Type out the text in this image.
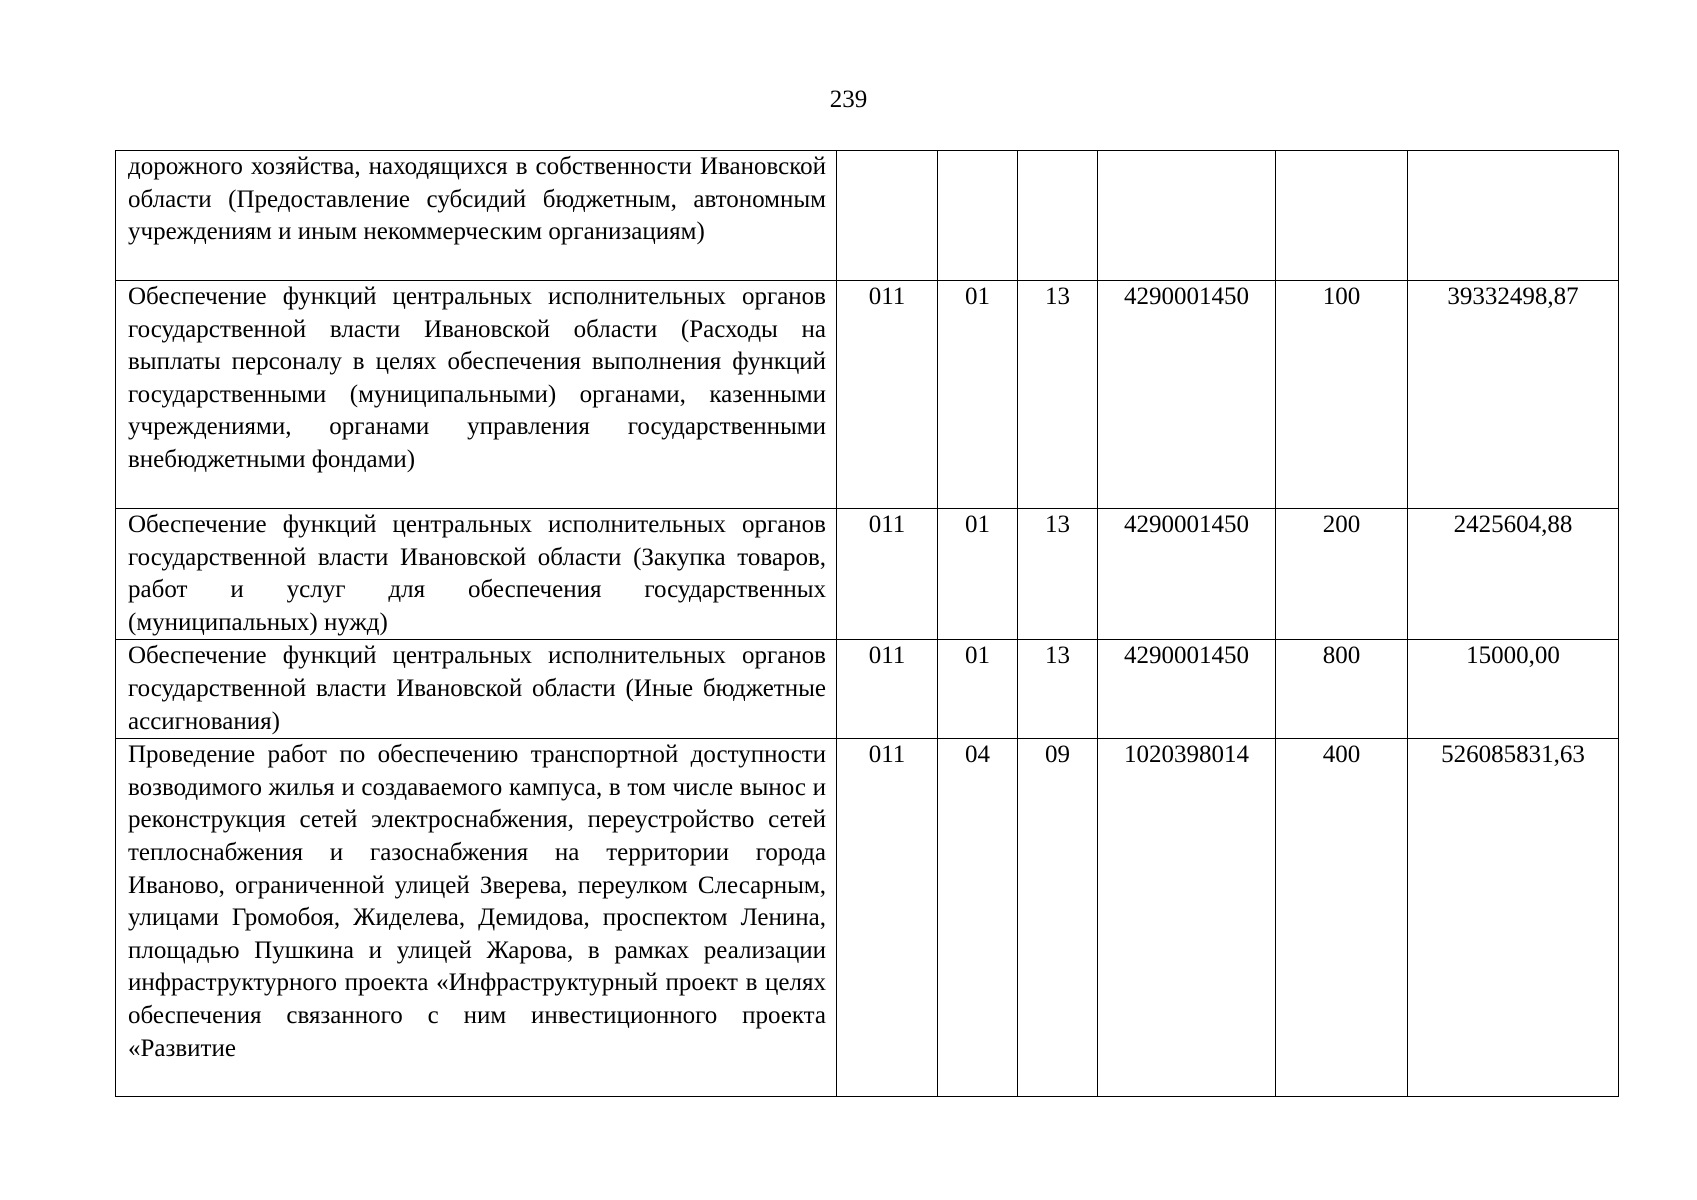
239
дорожного хозяйства, находящихся в собственности Ивановской области (Предоставление субсидий бюджетным, автономным учреждениям и иным некоммерческим организациям)						
Обеспечение функций центральных исполнительных органов государственной власти Ивановской области (Расходы на выплаты персоналу в целях обеспечения выполнения функций государственными (муниципальными) органами, казенными учреждениями, органами управления государственными внебюджетными фондами)	011	01	13	4290001450	100	39332498,87
Обеспечение функций центральных исполнительных органов государственной власти Ивановской области (Закупка товаров, работ и услуг для обеспечения государственных (муниципальных) нужд)	011	01	13	4290001450	200	2425604,88
Обеспечение функций центральных исполнительных органов государственной власти Ивановской области (Иные бюджетные ассигнования)	011	01	13	4290001450	800	15000,00
Проведение работ по обеспечению транспортной доступности возводимого жилья и создаваемого кампуса, в том числе вынос и реконструкция сетей электроснабжения, переустройство сетей теплоснабжения и газоснабжения на территории города Иваново, ограниченной улицей Зверева, переулком Слесарным, улицами Громобоя, Жиделева, Демидова, проспектом Ленина, площадью Пушкина и улицей Жарова, в рамках реализации инфраструктурного проекта «Инфраструктурный проект в целях обеспечения связанного с ним инвестиционного проекта «Развитие	011	04	09	1020398014	400	526085831,63
